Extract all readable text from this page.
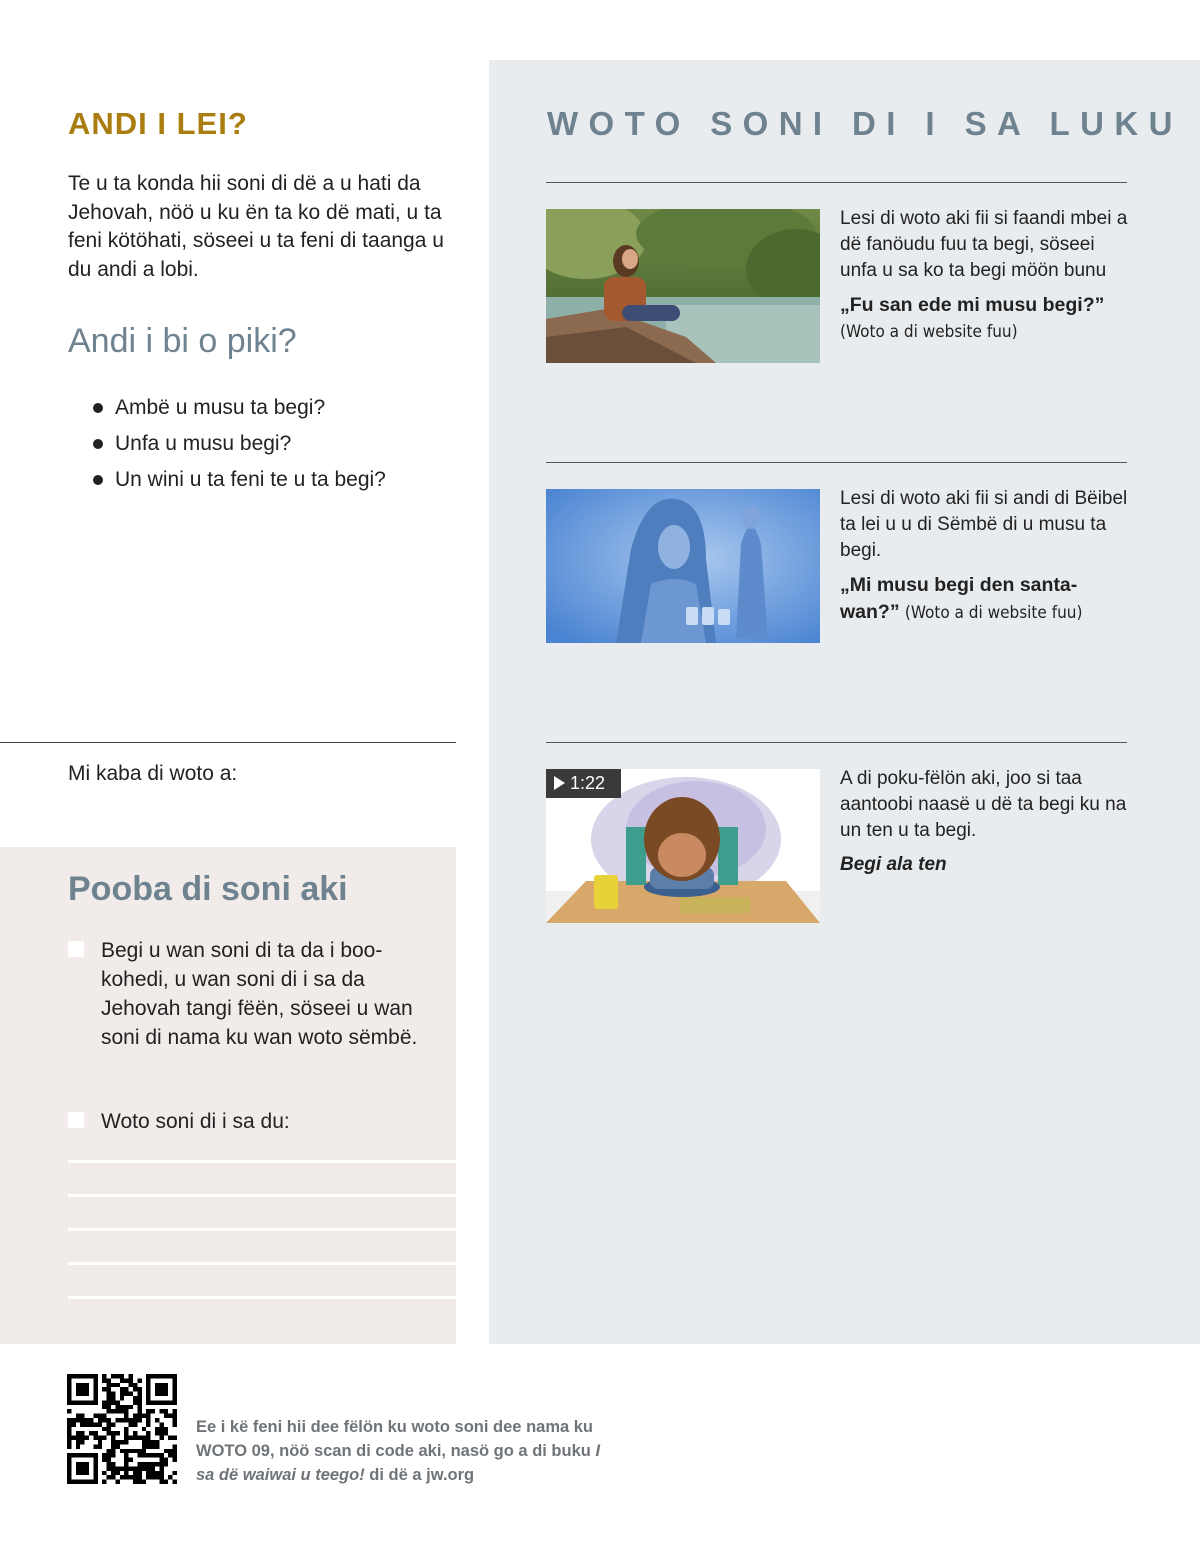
ANDI I LEI?

Te u ta konda hii soni di dë a u hati da Jehovah, nöö u ku ën ta ko dë mati, u ta feni kötöhati, söseei u ta feni di taanga u du andi a lobi.

Andi i bi o piki?
Ambë u musu ta begi?
Unfa u musu begi?
Un wini u ta feni te u ta begi?
Mi kaba di woto a:
Pooba di soni aki
Begi u wan soni di ta da i boo-kohedi, u wan soni di i sa da Jehovah tangi fëën, söseei u wan soni di nama ku wan woto sëmbë.
Woto soni di i sa du:
WOTO SONI DI I SA LUKU
Lesi di woto aki fii si faandi mbei a dë fanöudu fuu ta begi, söseei unfa u sa ko ta begi möön bunu
„Fu san ede mi musu begi?”
(Woto a di website fuu)
Lesi di woto aki fii si andi di Bëibel ta lei u u di Sëmbë di u musu ta begi.
„Mi musu begi den santa-wan?” (Woto a di website fuu)
1:22	A di poku-fëlön aki, joo si taa aantoobi naasë u dë ta begi ku na un ten u ta begi.
Begi ala ten
Ee i kë feni hii dee fëlön ku woto soni dee nama ku WOTO 09, nöö scan di code aki, nasö go a di buku I sa dë waiwai u teego! di dë a jw.org
